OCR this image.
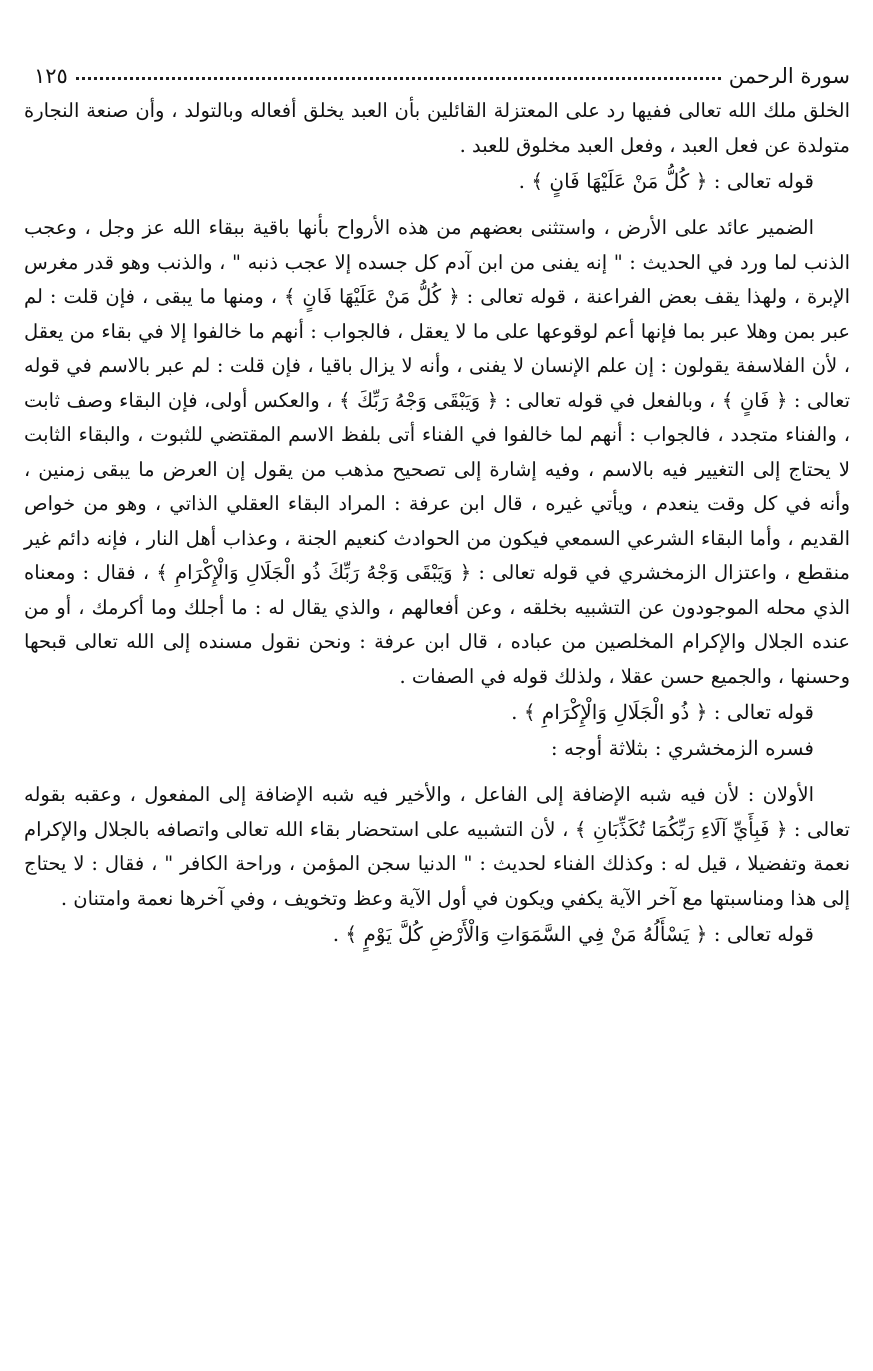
سورة الرحمن
١٢٥

الخلق ملك الله تعالى ففيها رد على المعتزلة القائلين بأن العبد يخلق أفعاله وبالتولد ، وأن صنعة النجارة متولدة عن فعل العبد ، وفعل العبد مخلوق للعبد .

قوله تعالى : ﴿ كُلُّ مَنْ عَلَيْهَا فَانٍ ﴾ .

الضمير عائد على الأرض ، واستثنى بعضهم من هذه الأرواح بأنها باقية ببقاء الله عز وجل ، وعجب الذنب لما ورد في الحديث : " إنه يفنى من ابن آدم كل جسده إلا عجب ذنبه " ، والذنب وهو قدر مغرس الإبرة ، ولهذا يقف بعض الفراعنة ، قوله تعالى : ﴿ كُلُّ مَنْ عَلَيْهَا فَانٍ ﴾ ، ومنها ما يبقى ، فإن قلت : لم عبر بمن وهلا عبر بما فإنها أعم لوقوعها على ما لا يعقل ، فالجواب : أنهم ما خالفوا إلا في بقاء من يعقل ، لأن الفلاسفة يقولون : إن علم الإنسان لا يفنى ، وأنه لا يزال باقيا ، فإن قلت : لم عبر بالاسم في قوله تعالى : ﴿ فَانٍ ﴾ ، وبالفعل في قوله تعالى : ﴿ وَيَبْقَى وَجْهُ رَبِّكَ ﴾ ، والعكس أولى، فإن البقاء وصف ثابت ، والفناء متجدد ، فالجواب : أنهم لما خالفوا في الفناء أتى بلفظ الاسم المقتضي للثبوت ، والبقاء الثابت لا يحتاج إلى التغيير فيه بالاسم ، وفيه إشارة إلى تصحيح مذهب من يقول إن العرض ما يبقى زمنين ، وأنه في كل وقت ينعدم ، ويأتي غيره ، قال ابن عرفة : المراد البقاء العقلي الذاتي ، وهو من خواص القديم ، وأما البقاء الشرعي السمعي فيكون من الحوادث كنعيم الجنة ، وعذاب أهل النار ، فإنه دائم غير منقطع ، واعتزال الزمخشري في قوله تعالى : ﴿ وَيَبْقَى وَجْهُ رَبِّكَ ذُو الْجَلَالِ وَالْإِكْرَامِ ﴾ ، فقال : ومعناه الذي محله الموجودون عن التشبيه بخلقه ، وعن أفعالهم ، والذي يقال له : ما أجلك وما أكرمك ، أو من عنده الجلال والإكرام المخلصين من عباده ، قال ابن عرفة : ونحن نقول مسنده إلى الله تعالى قبحها وحسنها ، والجميع حسن عقلا ، ولذلك قوله في الصفات .

قوله تعالى : ﴿ ذُو الْجَلَالِ وَالْإِكْرَامِ ﴾ .

فسره الزمخشري : بثلاثة أوجه :

الأولان : لأن فيه شبه الإضافة إلى الفاعل ، والأخير فيه شبه الإضافة إلى المفعول ، وعقبه بقوله تعالى : ﴿ فَبِأَيِّ آلَاءِ رَبِّكُمَا تُكَذِّبَانِ ﴾ ، لأن التشبيه على استحضار بقاء الله تعالى واتصافه بالجلال والإكرام نعمة وتفضيلا ، قيل له : وكذلك الفناء لحديث : " الدنيا سجن المؤمن ، وراحة الكافر " ، فقال : لا يحتاج إلى هذا ومناسبتها مع آخر الآية يكفي ويكون في أول الآية وعظ وتخويف ، وفي آخرها نعمة وامتنان .

قوله تعالى : ﴿ يَسْأَلُهُ مَنْ فِي السَّمَوَاتِ وَالْأَرْضِ كُلَّ يَوْمٍ ﴾ .
